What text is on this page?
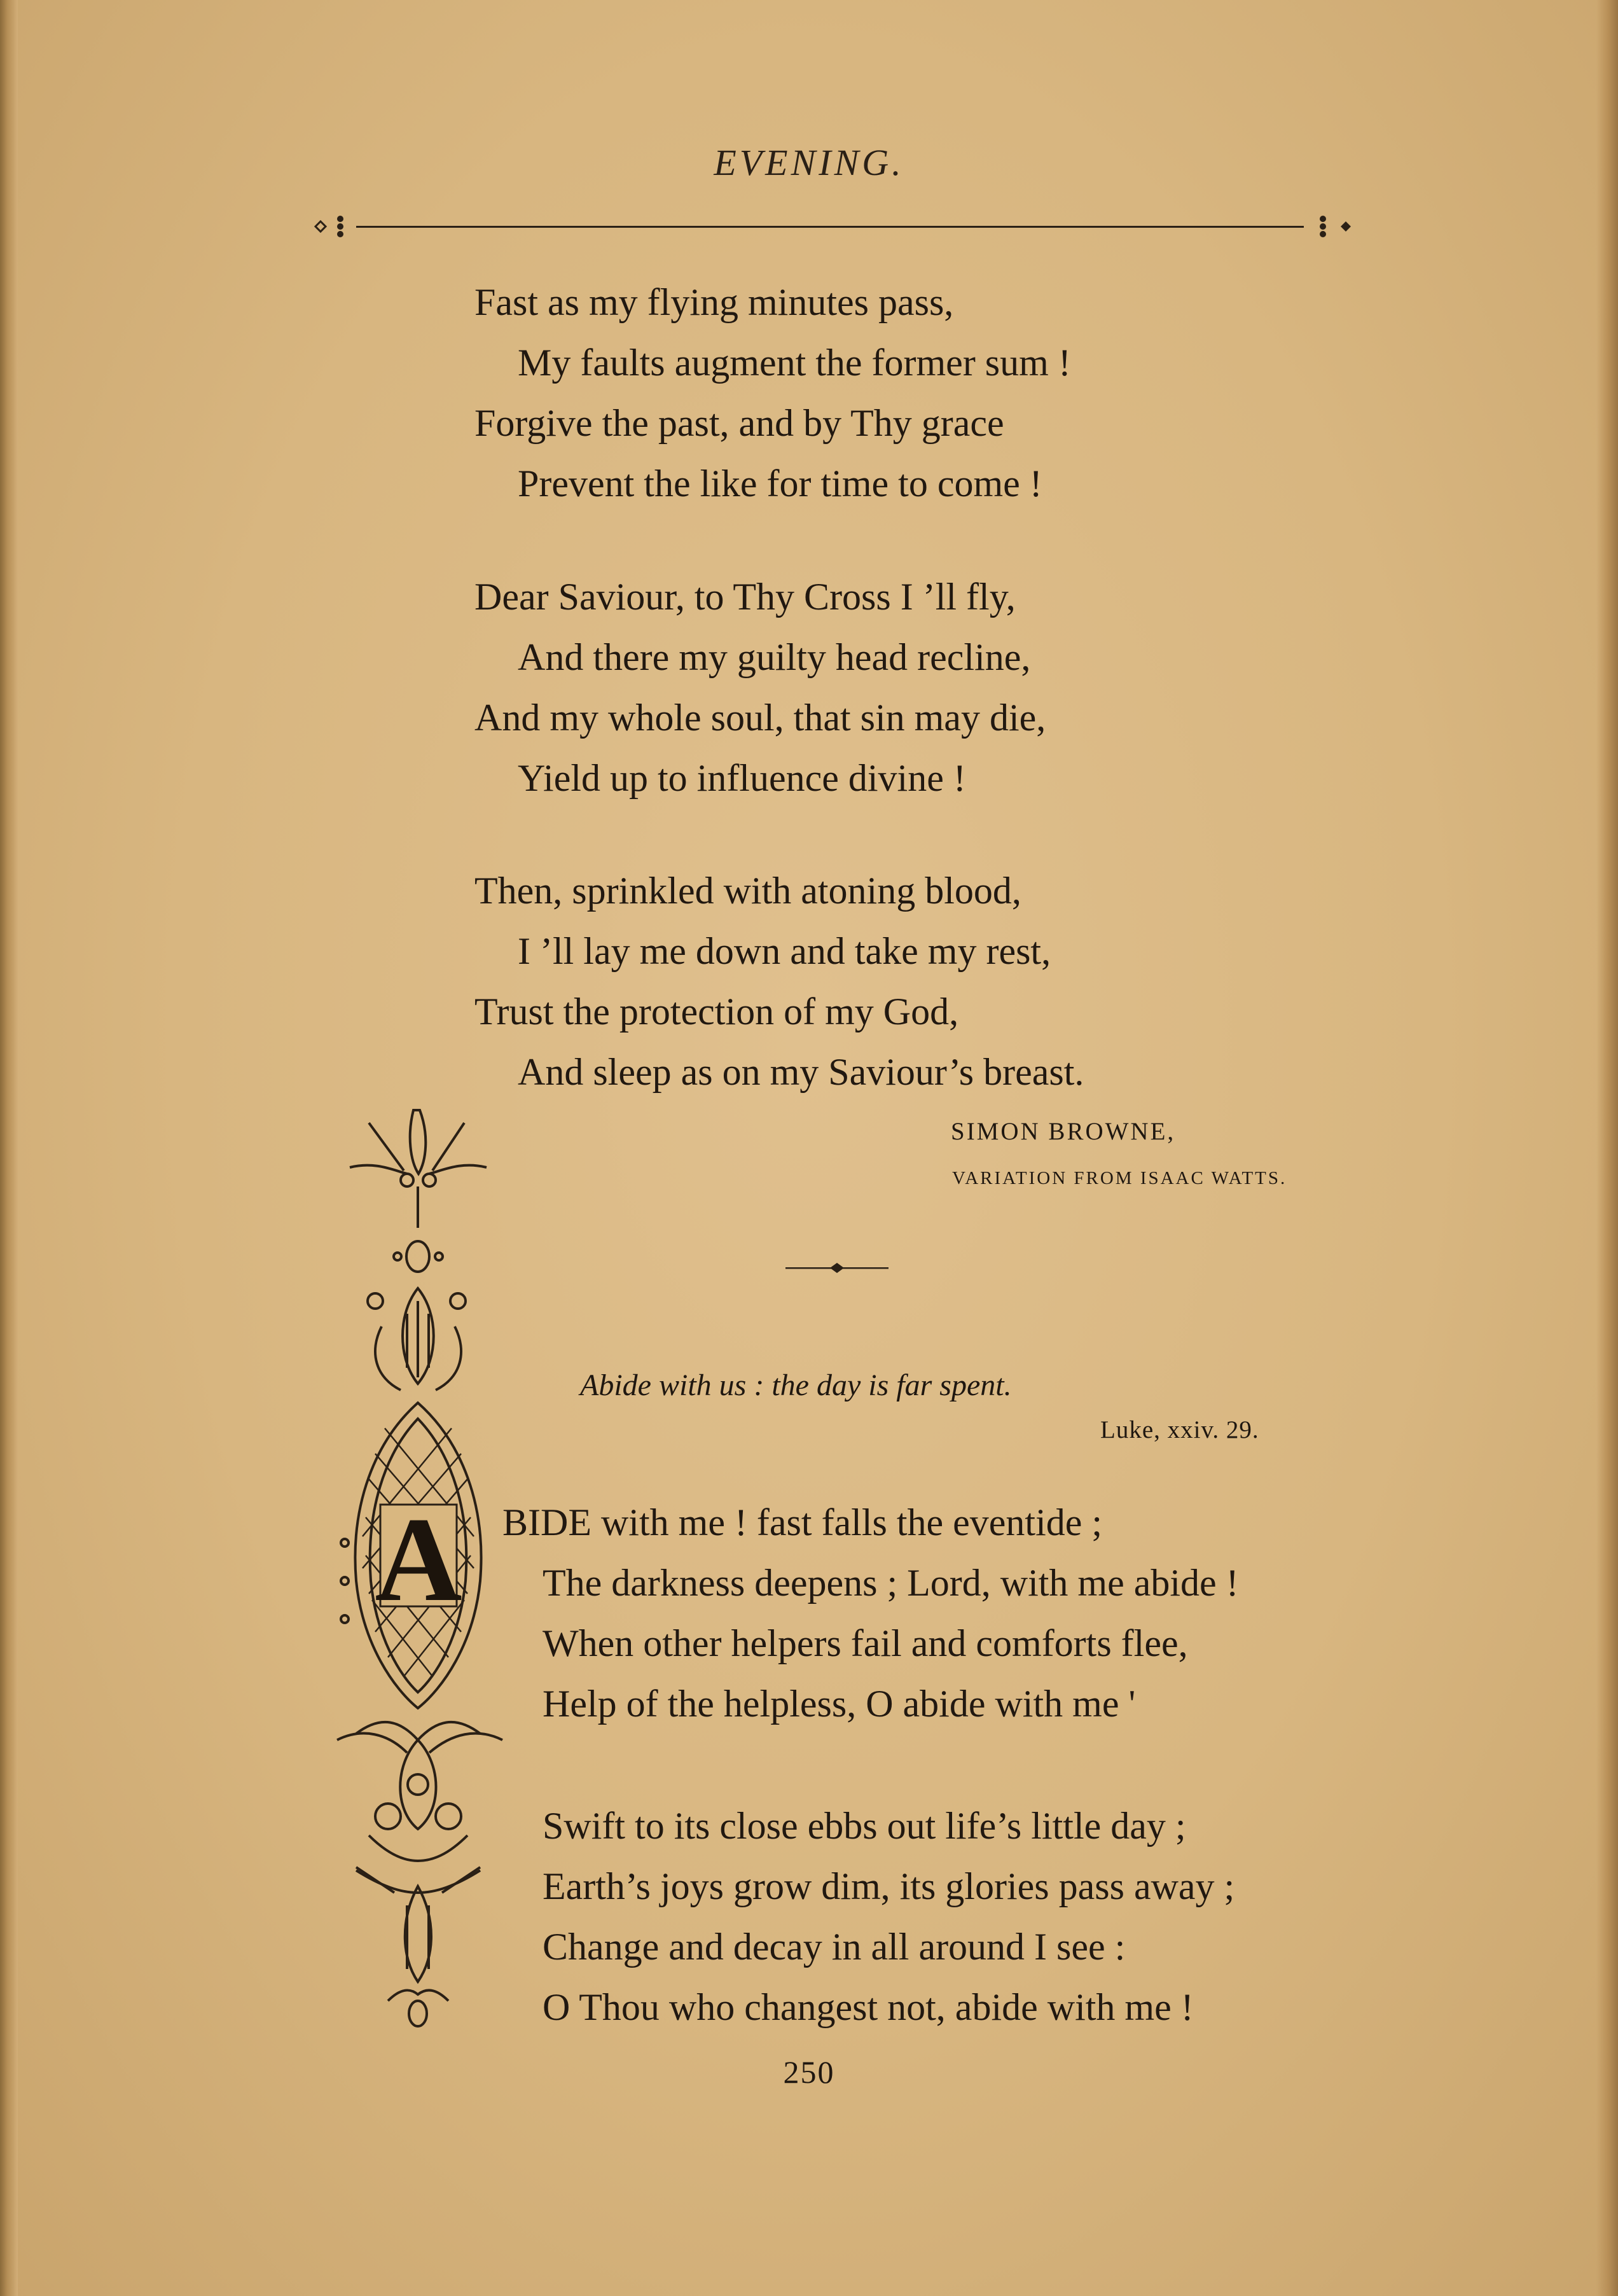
EVENING.
Fast as my flying minutes pass,
My faults augment the former sum !
Forgive the past, and by Thy grace
Prevent the like for time to come !
Dear Saviour, to Thy Cross I ’ll fly,
And there my guilty head recline,
And my whole soul, that sin may die,
Yield up to influence divine !
Then, sprinkled with atoning blood,
I ’ll lay me down and take my rest,
Trust the protection of my God,
And sleep as on my Saviour’s breast.
SIMON BROWNE,
VARIATION FROM ISAAC WATTS.
Abide with us : the day is far spent.
Luke, xxiv. 29.
A BIDE with me ! fast falls the eventide ;
The darkness deepens ; Lord, with me abide !
When other helpers fail and comforts flee,
Help of the helpless, O abide with me '
Swift to its close ebbs out life’s little day ;
Earth’s joys grow dim, its glories pass away ;
Change and decay in all around I see :
O Thou who changest not, abide with me !
250
